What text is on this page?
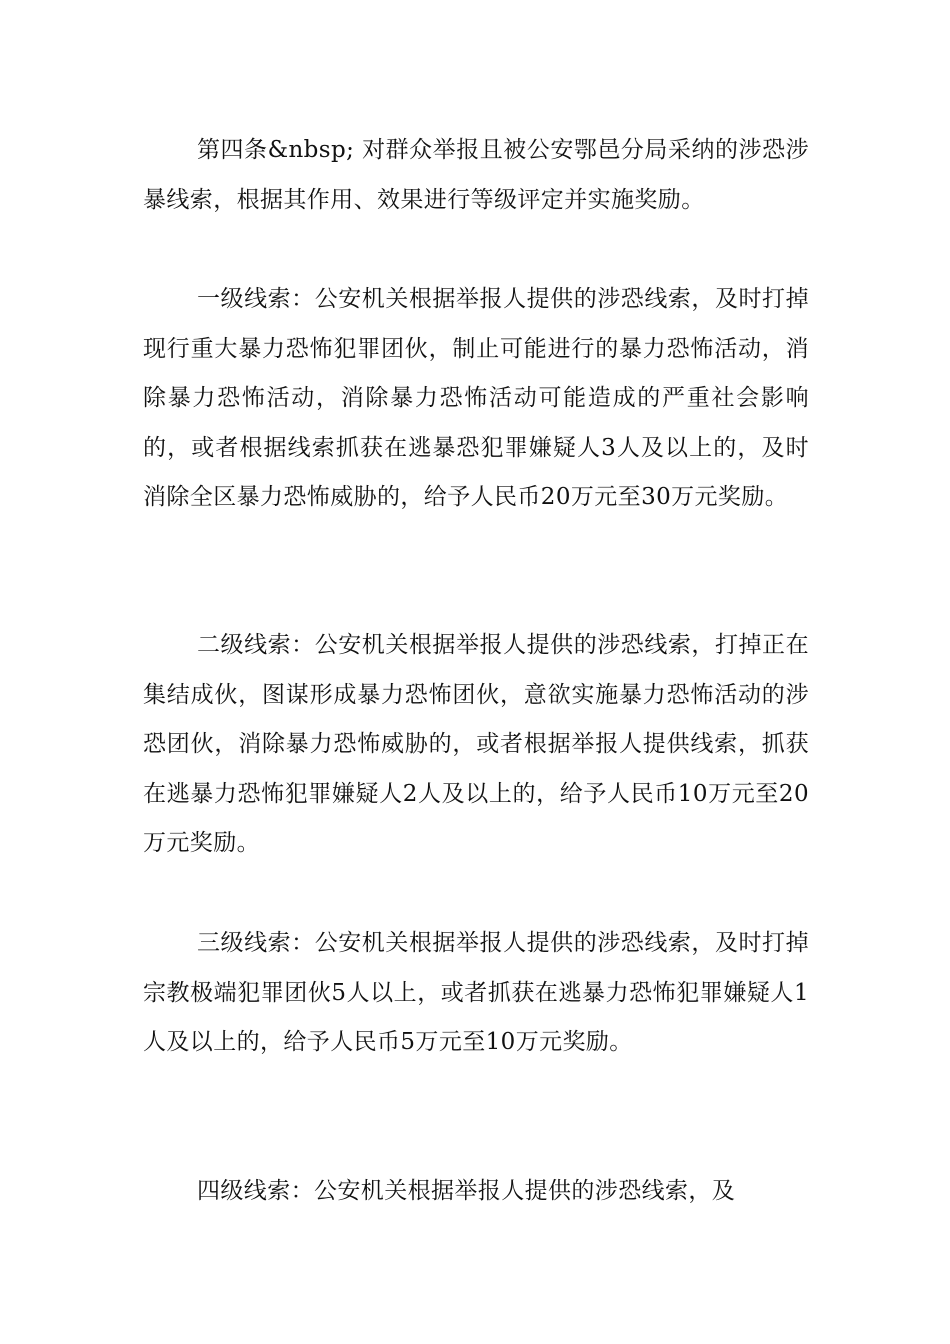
第四条&nbsp; 对群众举报且被公安鄂邑分局采纳的涉恐涉暴线索，根据其作用、效果进行等级评定并实施奖励。

一级线索：公安机关根据举报人提供的涉恐线索，及时打掉现行重大暴力恐怖犯罪团伙，制止可能进行的暴力恐怖活动，消除暴力恐怖活动，消除暴力恐怖活动可能造成的严重社会影响的，或者根据线索抓获在逃暴恐犯罪嫌疑人3人及以上的，及时消除全区暴力恐怖威胁的，给予人民币20万元至30万元奖励。

二级线索：公安机关根据举报人提供的涉恐线索，打掉正在集结成伙，图谋形成暴力恐怖团伙，意欲实施暴力恐怖活动的涉恐团伙，消除暴力恐怖威胁的，或者根据举报人提供线索，抓获在逃暴力恐怖犯罪嫌疑人2人及以上的，给予人民币10万元至20万元奖励。

三级线索：公安机关根据举报人提供的涉恐线索，及时打掉宗教极端犯罪团伙5人以上，或者抓获在逃暴力恐怖犯罪嫌疑人1人及以上的，给予人民币5万元至10万元奖励。

四级线索：公安机关根据举报人提供的涉恐线索，及
